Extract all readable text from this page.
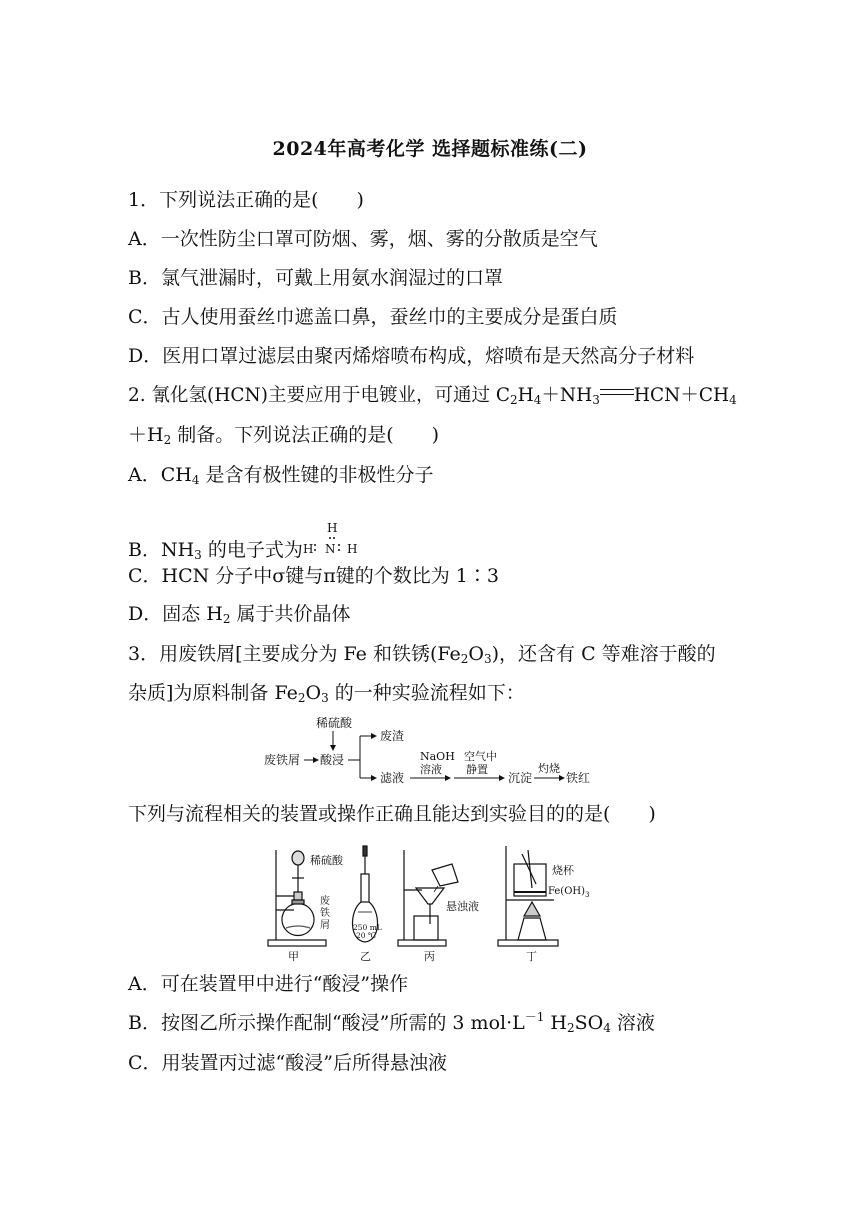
2024年高考化学 选择题标准练(二)
1．下列说法正确的是(　　)
A．一次性防尘口罩可防烟、雾，烟、雾的分散质是空气
B．氯气泄漏时，可戴上用氨水润湿过的口罩
C．古人使用蚕丝巾遮盖口鼻，蚕丝巾的主要成分是蛋白质
D．医用口罩过滤层由聚丙烯熔喷布构成，熔喷布是天然高分子材料
2. 氰化氢(HCN)主要应用于电镀业，可通过 $C_2H_4+NH_3$ $HCN+CH_4$
$+H_2$ 制备。下列说法正确的是(　　)
A．$CH_4$ 是含有极性键的非极性分子
B．$NH_3$ 的电子式为
H
H N H
C．HCN 分子中σ键与π键的个数比为 1∶3
D．固态 $H_2$ 属于共价晶体
3．用废铁屑[主要成分为 Fe 和铁锈$(Fe_2O_3)$，还含有 C 等难溶于酸的
杂质]为原料制备 $Fe_2O_3$ 的一种实验流程如下：
稀硫酸
废铁屑 酸浸
废渣
滤液
NaOH
溶液
空气中
静置
沉淀
灼烧
铁红
下列与流程相关的装置或操作正确且能达到实验目的的是(　　)
稀硫酸
废
铁
屑
甲
250 mL
20 ℃
乙
悬浊液
丙
烧杯
$Fe(OH)_3$
丁
A．可在装置甲中进行“酸浸”操作
B．按图乙所示操作配制“酸浸”所需的 3 $mol\cdot L^{-1}$ $H_2SO_4$ 溶液
C．用装置丙过滤“酸浸”后所得悬浊液
